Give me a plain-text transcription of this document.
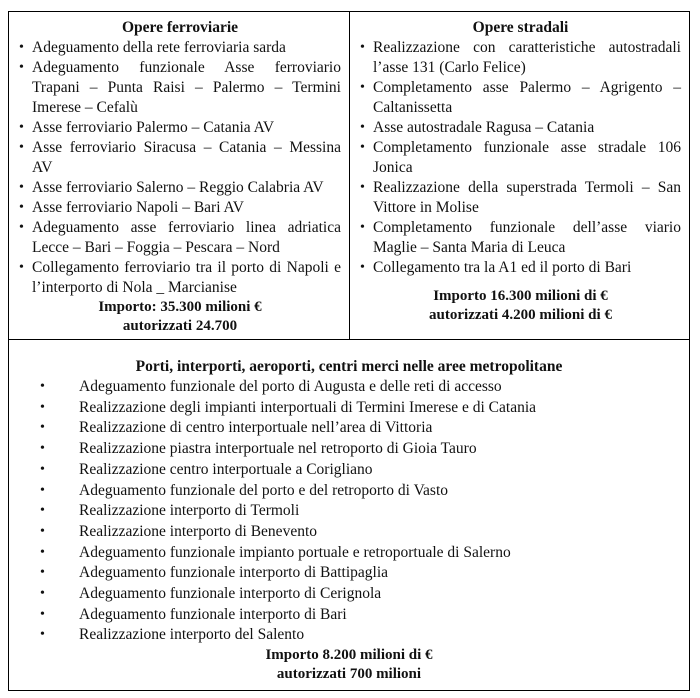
Opere ferroviarie
• Adeguamento della rete ferroviaria sarda
• Adeguamento funzionale Asse ferroviario Trapani – Punta Raisi – Palermo – Termini Imerese – Cefalù
• Asse ferroviario Palermo – Catania AV
• Asse ferroviario Siracusa – Catania – Messina AV
• Asse ferroviario Salerno – Reggio Calabria AV
• Asse ferroviario Napoli – Bari AV
• Adeguamento asse ferroviario linea adriatica Lecce – Bari – Foggia – Pescara – Nord
• Collegamento ferroviario tra il porto di Napoli e l’interporto di Nola _ Marcianise
Importo: 35.300 milioni €
autorizzati 24.700
Opere stradali
• Realizzazione con caratteristiche autostradali l’asse 131 (Carlo Felice)
• Completamento asse Palermo – Agrigento – Caltanissetta
• Asse autostradale Ragusa – Catania
• Completamento funzionale asse stradale 106 Jonica
• Realizzazione della superstrada Termoli – San Vittore in Molise
• Completamento funzionale dell’asse viario Maglie – Santa Maria di Leuca
• Collegamento tra la A1 ed il porto di Bari
Importo 16.300 milioni di €
autorizzati 4.200 milioni di €
Porti, interporti, aeroporti, centri merci nelle aree metropolitane
• Adeguamento funzionale del porto di Augusta e delle reti di accesso
• Realizzazione degli impianti interportuali di Termini Imerese e di Catania
• Realizzazione di centro interportuale nell’area di Vittoria
• Realizzazione piastra interportuale nel retroporto di Gioia Tauro
• Realizzazione centro interportuale a Corigliano
• Adeguamento funzionale del porto e del retroporto di Vasto
• Realizzazione interporto di Termoli
• Realizzazione interporto di Benevento
• Adeguamento funzionale impianto portuale e retroportuale di Salerno
• Adeguamento funzionale interporto di Battipaglia
• Adeguamento funzionale interporto di Cerignola
• Adeguamento funzionale interporto di Bari
• Realizzazione interporto del Salento
Importo 8.200 milioni di €
autorizzati 700 milioni
